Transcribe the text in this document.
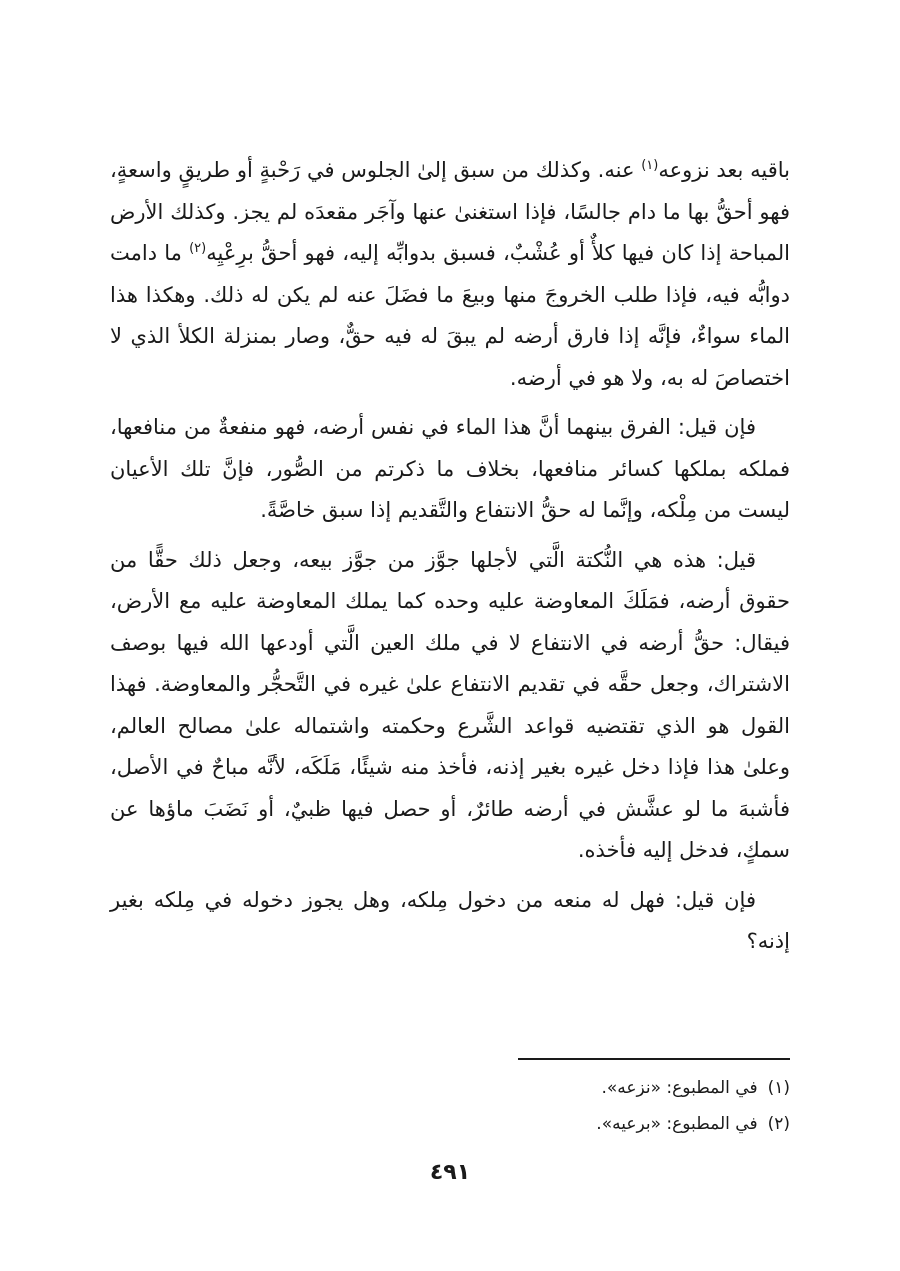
باقيه بعد نزوعه$^{(١)}$ عنه. وكذلك من سبق إلىٰ الجلوس في رَحْبةٍ أو طريقٍ واسعةٍ، فهو أحقُّ بها ما دام جالسًا، فإذا استغنىٰ عنها وآجَر مقعدَه لم يجز. وكذلك الأرض المباحة إذا كان فيها كلأٌ أو عُشْبٌ، فسبق بدوابِّه إليه، فهو أحقُّ برِعْيِه$^{(٢)}$ ما دامت دوابُّه فيه، فإذا طلب الخروجَ منها وبيعَ ما فضَلَ عنه لم يكن له ذلك. وهكذا هذا الماء سواءٌ، فإنَّه إذا فارق أرضه لم يبقَ له فيه حقٌّ، وصار بمنزلة الكلأ الذي لا اختصاصَ له به، ولا هو في أرضه.

فإن قيل: الفرق بينهما أنَّ هذا الماء في نفس أرضه، فهو منفعةٌ من منافعها، فملكه بملكها كسائر منافعها، بخلاف ما ذكرتم من الصُّور، فإنَّ تلك الأعيان ليست من مِلْكه، وإنَّما له حقُّ الانتفاع والتَّقديم إذا سبق خاصَّةً.

قيل: هذه هي النُّكتة الَّتي لأجلها جوَّز من جوَّز بيعه، وجعل ذلك حقًّا من حقوق أرضه، فمَلَكَ المعاوضة عليه وحده كما يملك المعاوضة عليه مع الأرض، فيقال: حقُّ أرضه في الانتفاع لا في ملك العين الَّتي أودعها الله فيها بوصف الاشتراك، وجعل حقَّه في تقديم الانتفاع علىٰ غيره في التَّحجُّر والمعاوضة. فهذا القول هو الذي تقتضيه قواعد الشَّرع وحكمته واشتماله علىٰ مصالح العالم، وعلىٰ هذا فإذا دخل غيره بغير إذنه، فأخذ منه شيئًا، مَلَكَه، لأنَّه مباحٌ في الأصل، فأشبهَ ما لو عشَّش في أرضه طائرٌ، أو حصل فيها ظبيٌ، أو نَضَبَ ماؤها عن سمكٍ، فدخل إليه فأخذه.

فإن قيل: فهل له منعه من دخول مِلكه، وهل يجوز دخوله في مِلكه بغير إذنه؟

(١)في المطبوع: «نزعه».

(٢)في المطبوع: «برعيه».

٤٩١
